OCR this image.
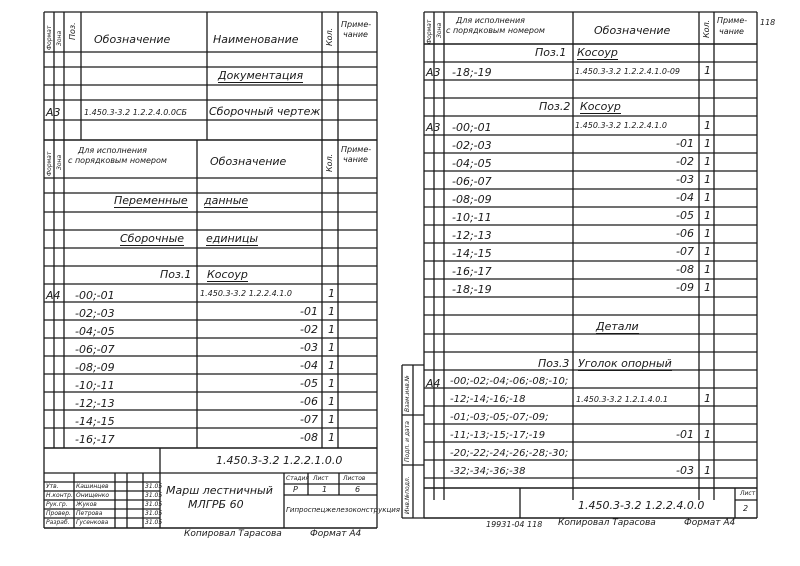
Формат Зона Поз. Обозначение	Наименование	Кол.
Приме-
чание
Документация
А3	1.450.3-3.2 1.2.2.4.0.0СБ Сборочный чертеж
Формат Зона
Для исполнения
с порядковым номером	Обозначение	Кол.
Приме-
чание
Переменные данные
Сборочные единицы
Поз.1 Косоур
А4 -00;-01	1.450.3-3.2 1.2.2.4.1.0	1
-02;-03	-01 1
-04;-05	-02 1
-06;-07	-03 1
-08;-09	-04 1
-10;-11	-05 1
-12;-13	-06 1
-14;-15	-07 1
-16;-17	-08 1
1.450.3-3.2 1.2.2.1.0.0
Утв.
Н.контр.
Рук.гр.
Провер.
Разраб.
Кашинцев
Онищенко
Жуков
Петрова
Гусенкова
31.05
31.05
31.05
31.05
31.05
Марш лестничный
МЛГРБ 60
Стадия Лист Листов
Р	1	6
Гипроспецжелезоконструкция
Копировал Тарасова	Формат А4
118
Формат Зона
Для исполнения
с порядковым номером	Обозначение	Кол. Приме-
чание
Поз.1 Косоур
А3 -18;-19	1.450.3-3.2 1.2.2.4.1.0-09 1
Поз.2 Косоур
А3 -00;-01	1.450.3-3.2 1.2.2.4.1.0	1
-02;-03	-01 1
-04;-05	-02 1
-06;-07	-03 1
-08;-09	-04 1
-10;-11	-05 1
-12;-13	-06 1
-14;-15	-07 1
-16;-17	-08 1
-18;-19	-09 1
Детали
Поз.3 Уголок опорный
А4 -00;-02;-04;-06;-08;-10;
-12;-14;-16;-18	1.450.3-3.2 1.2.1.4.0.1	1
-01;-03;-05;-07;-09;
-11;-13;-15;-17;-19	-01 1
-20;-22;-24;-26;-28;-30;
-32;-34;-36;-38	-03 1
Инв.№подл.
Подп. и дата
Взам.инв.№
1.450.3-3.2 1.2.2.4.0.0
Лист
2
19931-04 118 Копировал Тарасова	Формат А4
